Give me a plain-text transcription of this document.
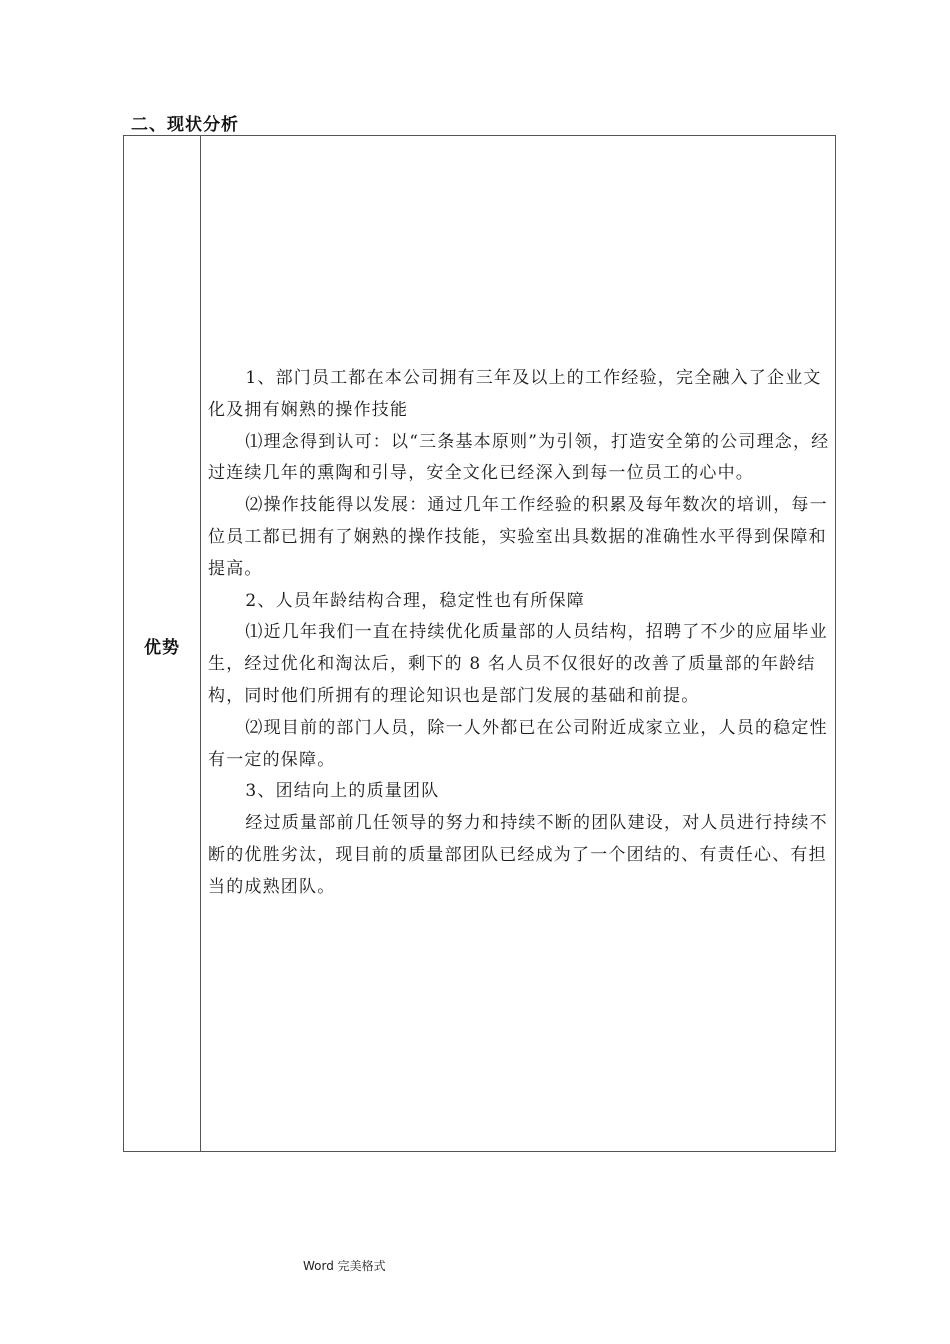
二、现状分析
优势

1、部门员工都在本公司拥有三年及以上的工作经验，完全融入了企业文化及拥有娴熟的操作技能

⑴理念得到认可：以“三条基本原则”为引领，打造安全第的公司理念，经过连续几年的熏陶和引导，安全文化已经深入到每一位员工的心中。

⑵操作技能得以发展：通过几年工作经验的积累及每年数次的培训，每一位员工都已拥有了娴熟的操作技能，实验室出具数据的准确性水平得到保障和提高。

2、人员年龄结构合理，稳定性也有所保障

⑴近几年我们一直在持续优化质量部的人员结构，招聘了不少的应届毕业生，经过优化和淘汰后，剩下的 8 名人员不仅很好的改善了质量部的年龄结构，同时他们所拥有的理论知识也是部门发展的基础和前提。

⑵现目前的部门人员，除一人外都已在公司附近成家立业，人员的稳定性有一定的保障。

3、团结向上的质量团队

经过质量部前几任领导的努力和持续不断的团队建设，对人员进行持续不断的优胜劣汰，现目前的质量部团队已经成为了一个团结的、有责任心、有担当的成熟团队。

Word 完美格式
